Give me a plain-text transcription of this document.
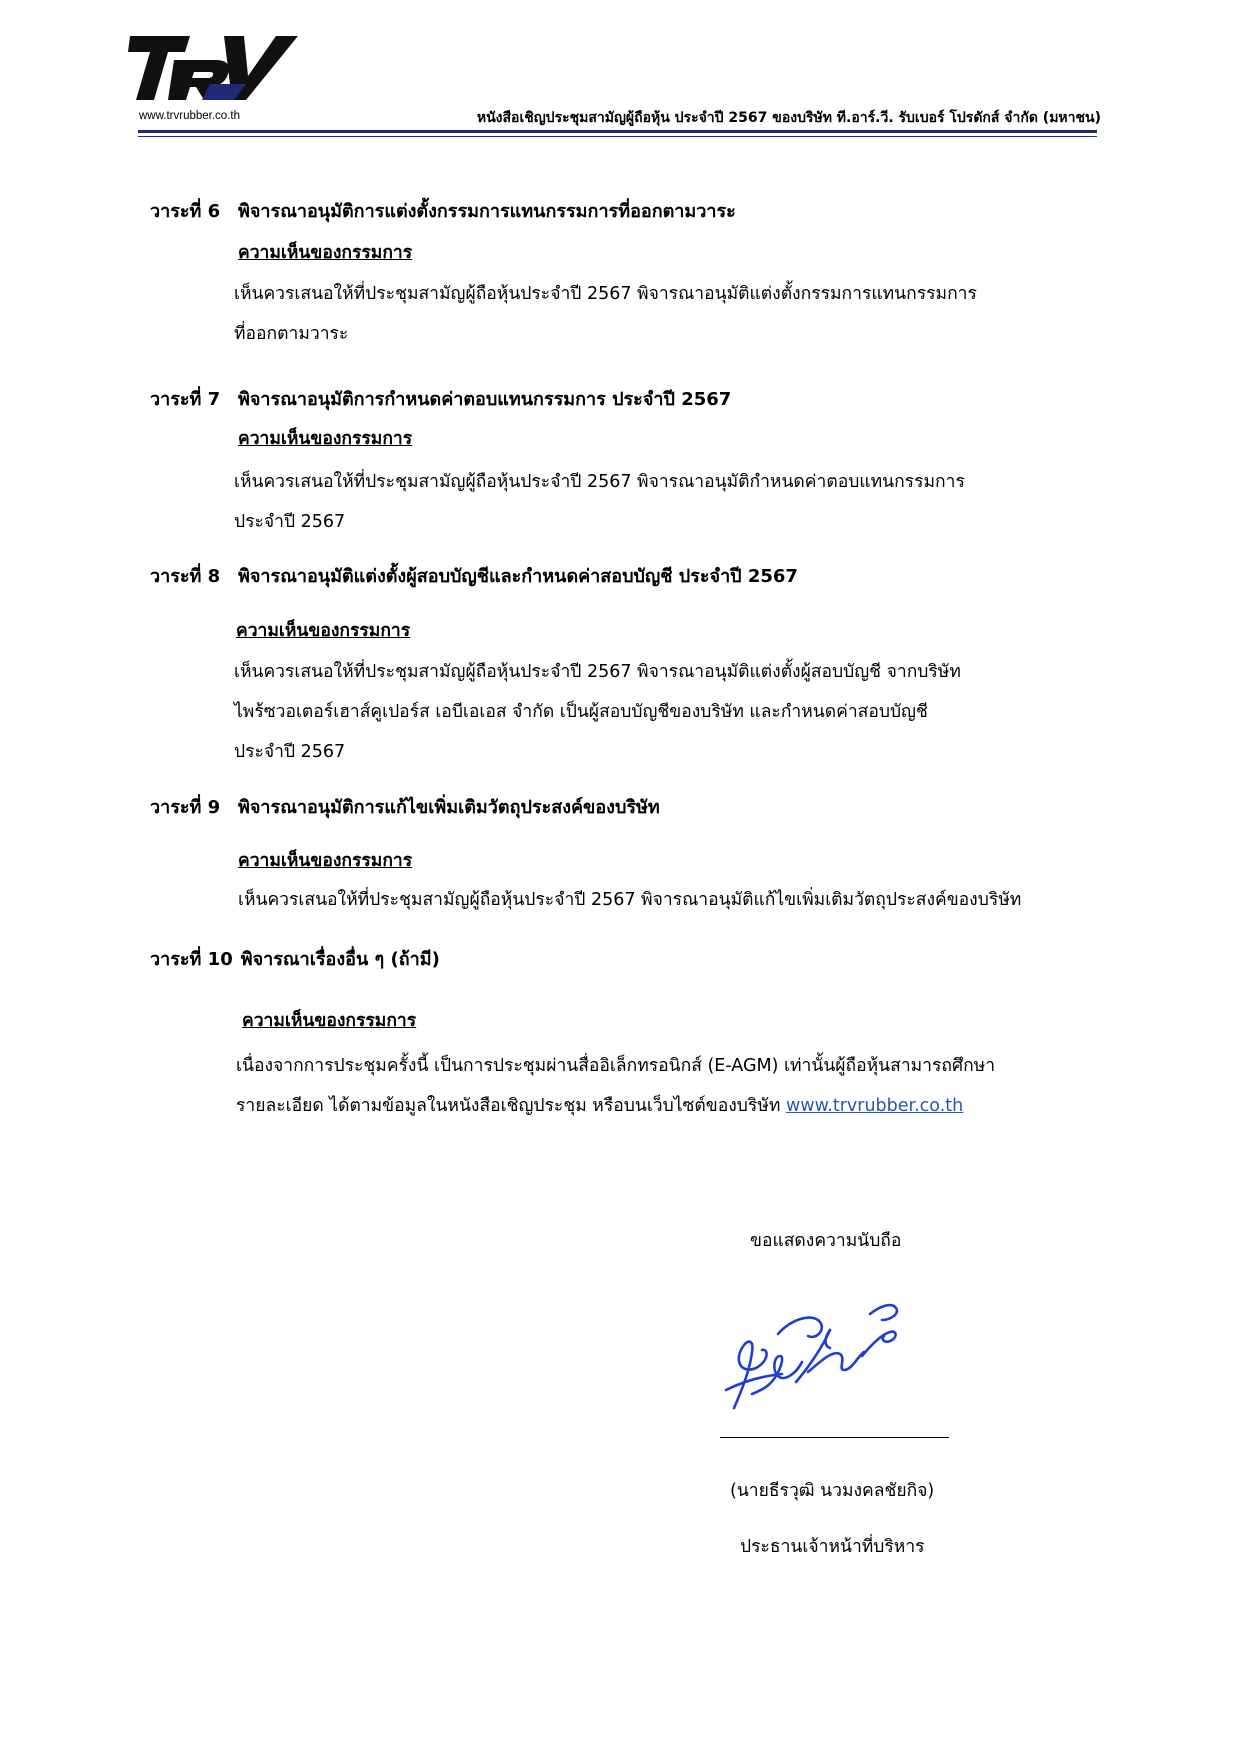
www.trvrubber.co.th	หนังสือเชิญประชุมสามัญผู้ถือหุ้น ประจำปี 2567 ของบริษัท ที.อาร์.วี. รับเบอร์ โปรดักส์ จำกัด (มหาชน)
วาระที่ 6 พิจารณาอนุมัติการแต่งตั้งกรรมการแทนกรรมการที่ออกตามวาระ
ความเห็นของกรรมการ
เห็นควรเสนอให้ที่ประชุมสามัญผู้ถือหุ้นประจำปี 2567 พิจารณาอนุมัติแต่งตั้งกรรมการแทนกรรมการ
ที่ออกตามวาระ
วาระที่ 7 พิจารณาอนุมัติการกำหนดค่าตอบแทนกรรมการ ประจำปี 2567
ความเห็นของกรรมการ
เห็นควรเสนอให้ที่ประชุมสามัญผู้ถือหุ้นประจำปี 2567 พิจารณาอนุมัติกำหนดค่าตอบแทนกรรมการ
ประจำปี 2567
วาระที่ 8 พิจารณาอนุมัติแต่งตั้งผู้สอบบัญชีและกำหนดค่าสอบบัญชี ประจำปี 2567
ความเห็นของกรรมการ
เห็นควรเสนอให้ที่ประชุมสามัญผู้ถือหุ้นประจำปี 2567 พิจารณาอนุมัติแต่งตั้งผู้สอบบัญชี จากบริษัท
ไพร้ซวอเตอร์เฮาส์คูเปอร์ส เอบีเอเอส จำกัด เป็นผู้สอบบัญชีของบริษัท และกำหนดค่าสอบบัญชี
ประจำปี 2567
วาระที่ 9 พิจารณาอนุมัติการแก้ไขเพิ่มเติมวัตถุประสงค์ของบริษัท
ความเห็นของกรรมการ
เห็นควรเสนอให้ที่ประชุมสามัญผู้ถือหุ้นประจำปี 2567 พิจารณาอนุมัติแก้ไขเพิ่มเติมวัตถุประสงค์ของบริษัท
วาระที่ 10 พิจารณาเรื่องอื่น ๆ (ถ้ามี)
ความเห็นของกรรมการ
เนื่องจากการประชุมครั้งนี้ เป็นการประชุมผ่านสื่ออิเล็กทรอนิกส์ (E-AGM) เท่านั้นผู้ถือหุ้นสามารถศึกษา
รายละเอียด ได้ตามข้อมูลในหนังสือเชิญประชุม หรือบนเว็บไซต์ของบริษัท www.trvrubber.co.th
ขอแสดงความนับถือ
(นายธีรวุฒิ นวมงคลชัยกิจ)
ประธานเจ้าหน้าที่บริหาร
